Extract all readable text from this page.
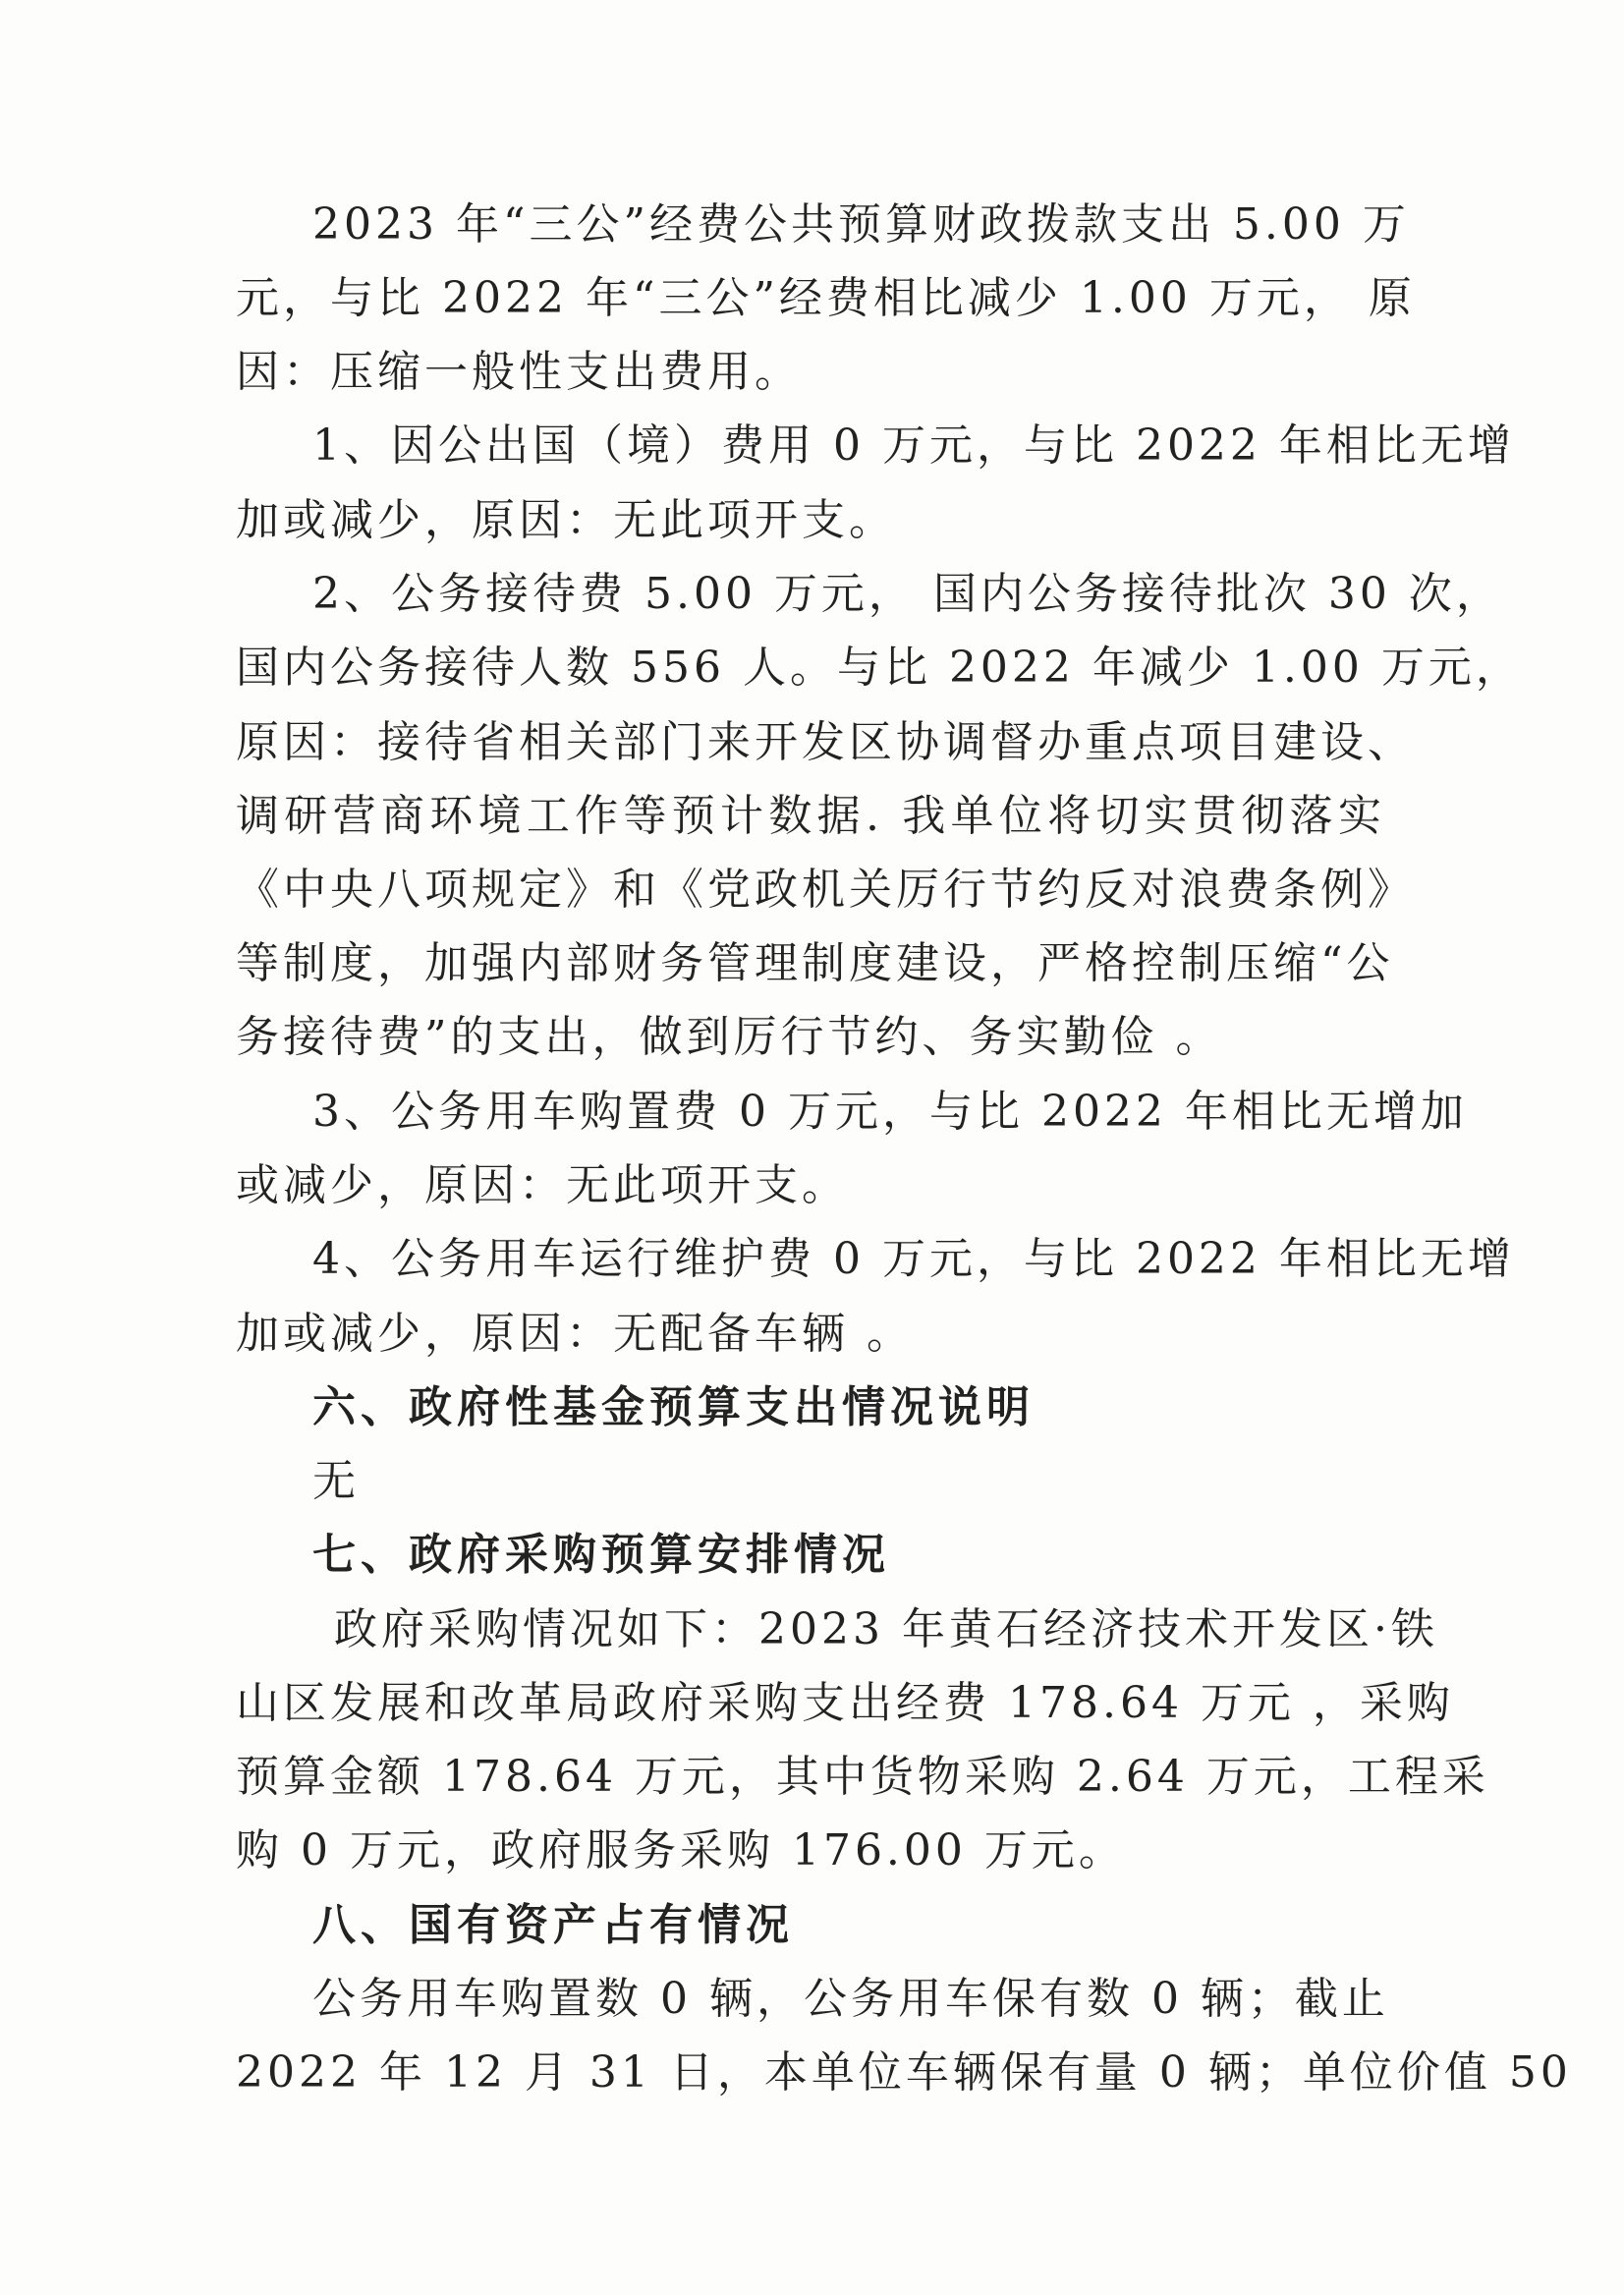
2023 年“三公”经费公共预算财政拨款支出 5.00 万
元，与比 2022 年“三公”经费相比减少 1.00 万元， 原
因：压缩一般性支出费用。
1、因公出国（境）费用 0 万元，与比 2022 年相比无增
加或减少，原因：无此项开支。
2、公务接待费 5.00 万元， 国内公务接待批次 30 次，
国内公务接待人数 556 人。与比 2022 年减少 1.00 万元，
原因：接待省相关部门来开发区协调督办重点项目建设、
调研营商环境工作等预计数据. 我单位将切实贯彻落实
《中央八项规定》和《党政机关厉行节约反对浪费条例》
等制度，加强内部财务管理制度建设，严格控制压缩“公
务接待费”的支出，做到厉行节约、务实勤俭 。
3、公务用车购置费 0 万元，与比 2022 年相比无增加
或减少，原因：无此项开支。
4、公务用车运行维护费 0 万元，与比 2022 年相比无增
加或减少，原因：无配备车辆 。
六、政府性基金预算支出情况说明
无
七、政府采购预算安排情况
政府采购情况如下：2023 年黄石经济技术开发区·铁
山区发展和改革局政府采购支出经费 178.64 万元 ，采购
预算金额 178.64 万元，其中货物采购 2.64 万元，工程采
购 0 万元，政府服务采购 176.00 万元。
八、国有资产占有情况
公务用车购置数 0 辆，公务用车保有数 0 辆；截止
2022 年 12 月 31 日，本单位车辆保有量 0 辆；单位价值 50
